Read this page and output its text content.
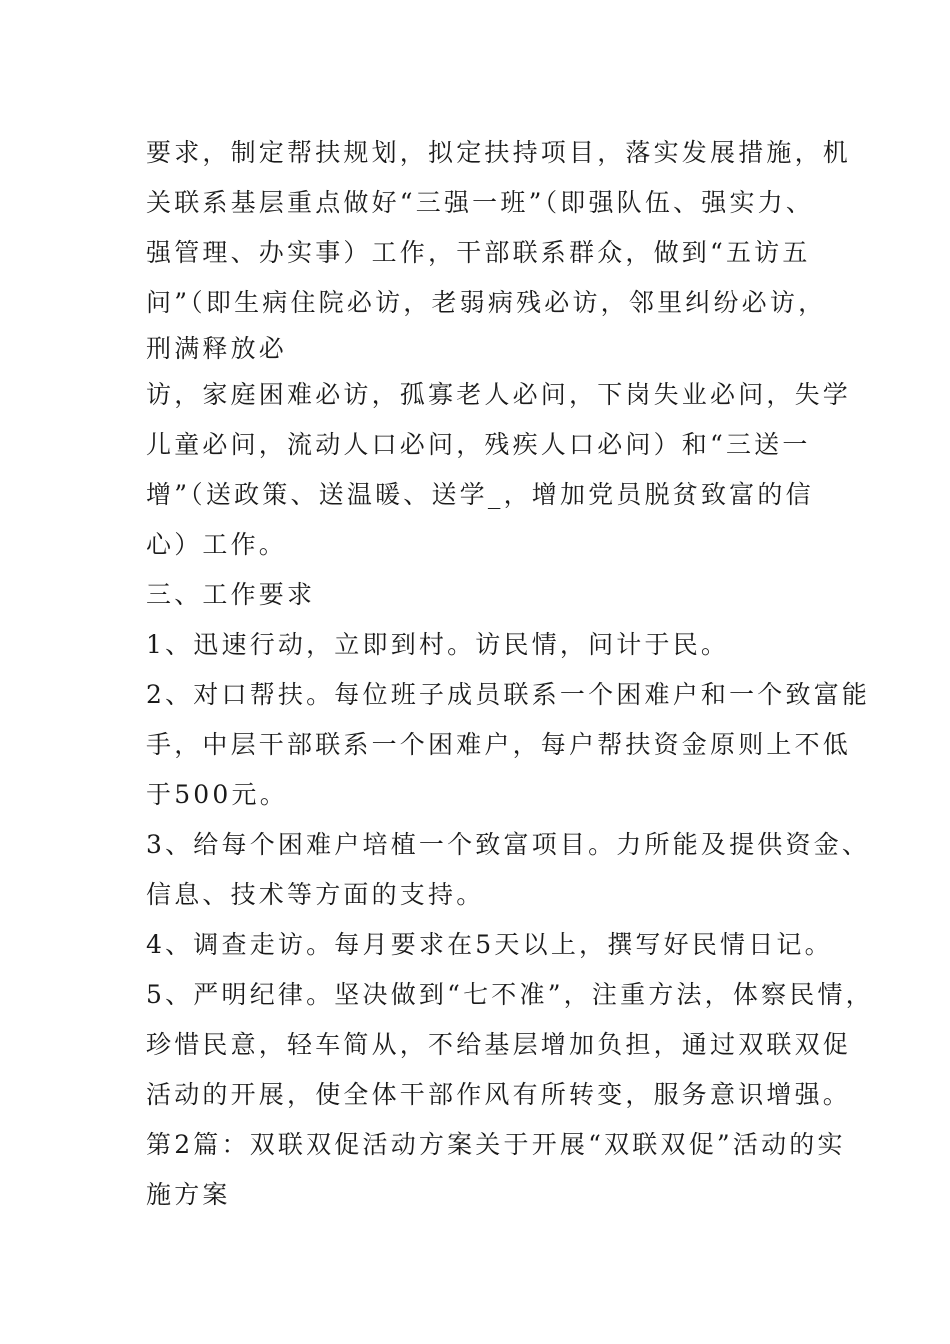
要求，制定帮扶规划，拟定扶持项目，落实发展措施，机
关联系基层重点做好“三强一班”（即强队伍、强实力、
强管理、办实事）工作，干部联系群众，做到“五访五
问”（即生病住院必访，老弱病残必访，邻里纠纷必访，
刑满释放必
访，家庭困难必访，孤寡老人必问，下岗失业必问，失学
儿童必问，流动人口必问，残疾人口必问）和“三送一
增”（送政策、送温暖、送学_，增加党员脱贫致富的信
心）工作。
三、工作要求
1、迅速行动，立即到村。访民情，问计于民。
2、对口帮扶。每位班子成员联系一个困难户和一个致富能
手，中层干部联系一个困难户，每户帮扶资金原则上不低
于500元。
3、给每个困难户培植一个致富项目。力所能及提供资金、
信息、技术等方面的支持。
4、调查走访。每月要求在5天以上，撰写好民情日记。
5、严明纪律。坚决做到“七不准”，注重方法，体察民情，
珍惜民意，轻车简从，不给基层增加负担，通过双联双促
活动的开展，使全体干部作风有所转变，服务意识增强。
第2篇：双联双促活动方案关于开展“双联双促”活动的实
施方案
